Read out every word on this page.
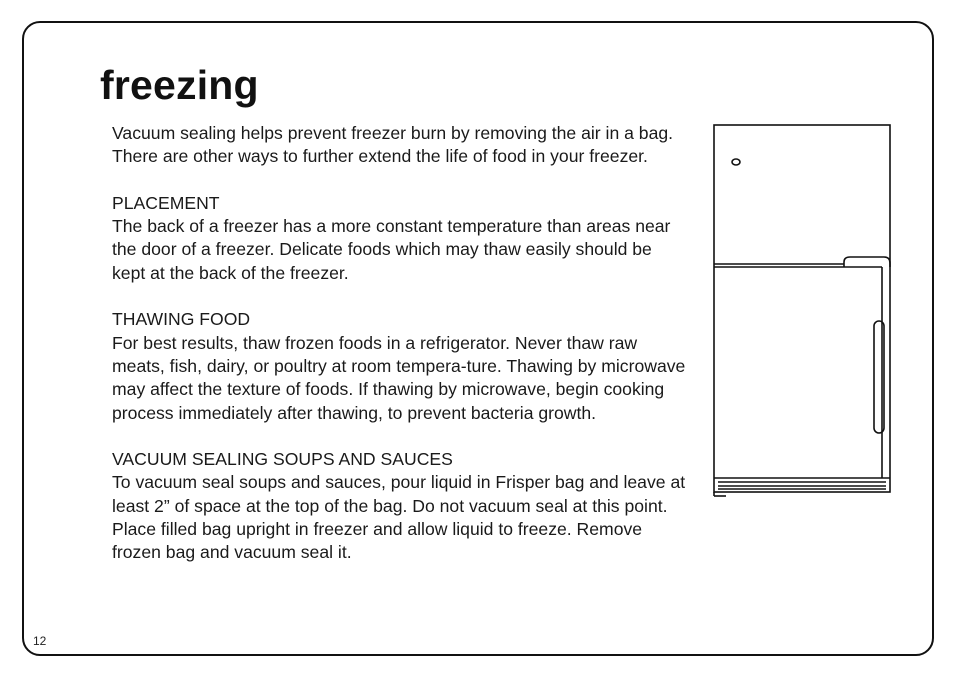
freezing

Vacuum sealing helps prevent freezer burn by removing the air in a bag. There are other ways to further extend the life of food in your freezer.

PLACEMENT

The back of a freezer has a more constant temperature than areas near the door of a freezer. Delicate foods which may thaw easily should be kept at the back of the freezer.

THAWING FOOD

For best results, thaw frozen foods in a refrigerator. Never thaw raw meats, fish, dairy, or poultry at room tempera-ture. Thawing by microwave may affect the texture of foods. If thawing by microwave, begin cooking process immediately after thawing, to prevent bacteria growth.

VACUUM SEALING SOUPS AND SAUCES

To vacuum seal soups and sauces, pour liquid in Frisper bag and leave at least 2” of space at the top of the bag. Do not vacuum seal at this point. Place filled bag upright in freezer and allow liquid to freeze. Remove frozen bag and vacuum seal it.

12
